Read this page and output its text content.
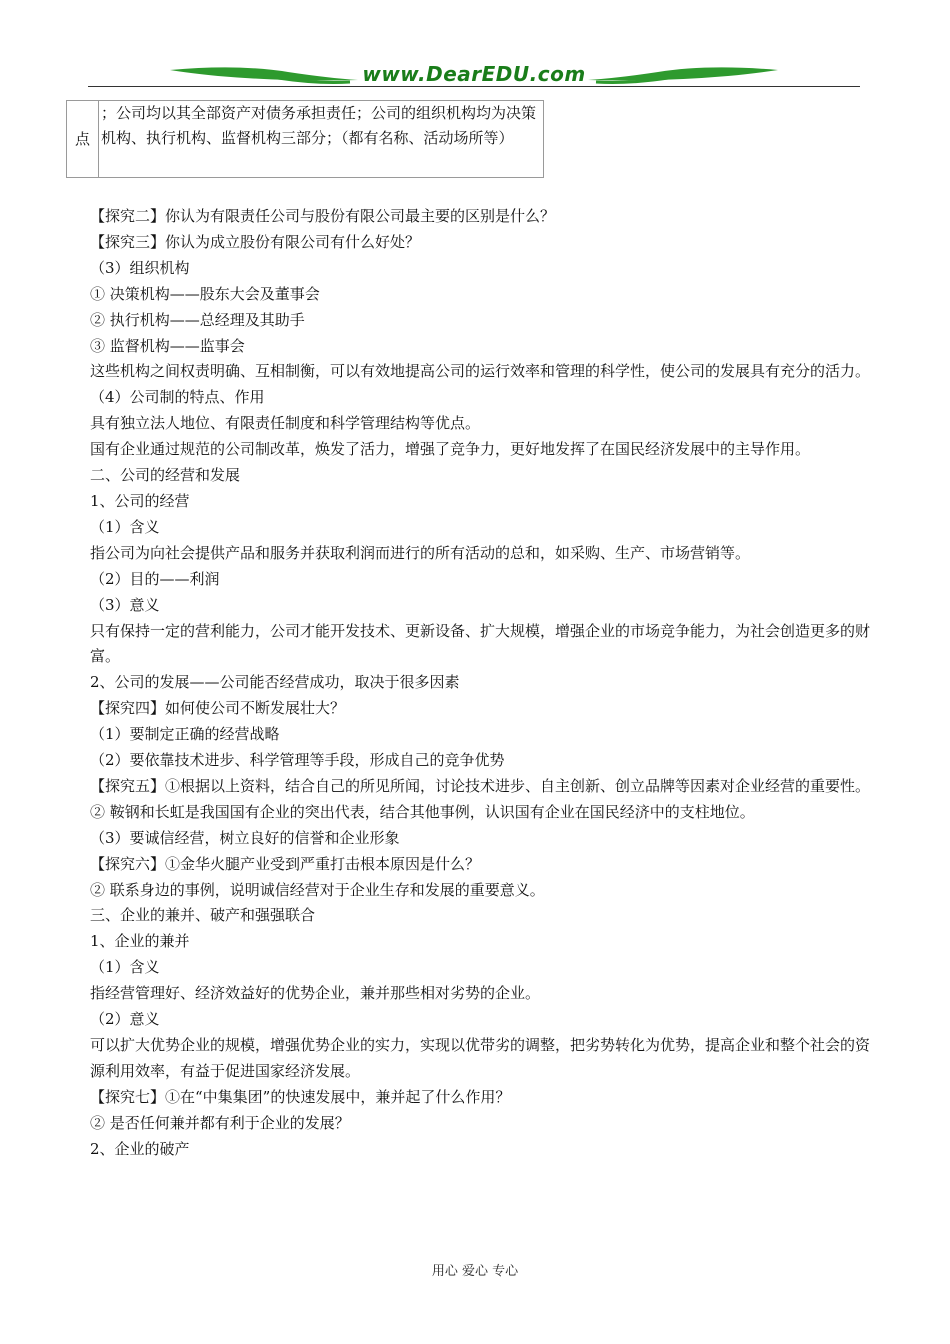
www.DearEDU.com
点	；公司均以其全部资产对债务承担责任；公司的组织机构均为决策机构、执行机构、监督机构三部分；（都有名称、活动场所等）

【探究二】你认为有限责任公司与股份有限公司最主要的区别是什么？

【探究三】你认为成立股份有限公司有什么好处？

（3）组织机构

① 决策机构——股东大会及董事会

② 执行机构——总经理及其助手

③ 监督机构——监事会

这些机构之间权责明确、互相制衡，可以有效地提高公司的运行效率和管理的科学性，使公司的发展具有充分的活力。

（4）公司制的特点、作用

具有独立法人地位、有限责任制度和科学管理结构等优点。

国有企业通过规范的公司制改革，焕发了活力，增强了竞争力，更好地发挥了在国民经济发展中的主导作用。

二、公司的经营和发展

1、公司的经营

（1）含义

指公司为向社会提供产品和服务并获取利润而进行的所有活动的总和，如采购、生产、市场营销等。

（2）目的——利润

（3）意义

只有保持一定的营利能力，公司才能开发技术、更新设备、扩大规模，增强企业的市场竞争能力，为社会创造更多的财富。

2、公司的发展——公司能否经营成功，取决于很多因素

【探究四】如何使公司不断发展壮大？

（1）要制定正确的经营战略

（2）要依靠技术进步、科学管理等手段，形成自己的竞争优势

【探究五】①根据以上资料，结合自己的所见所闻，讨论技术进步、自主创新、创立品牌等因素对企业经营的重要性。

② 鞍钢和长虹是我国国有企业的突出代表，结合其他事例，认识国有企业在国民经济中的支柱地位。

（3）要诚信经营，树立良好的信誉和企业形象

【探究六】①金华火腿产业受到严重打击根本原因是什么？

② 联系身边的事例，说明诚信经营对于企业生存和发展的重要意义。

三、企业的兼并、破产和强强联合

1、企业的兼并

（1）含义

指经营管理好、经济效益好的优势企业，兼并那些相对劣势的企业。

（2）意义

可以扩大优势企业的规模，增强优势企业的实力，实现以优带劣的调整，把劣势转化为优势，提高企业和整个社会的资源利用效率，有益于促进国家经济发展。

【探究七】①在“中集集团”的快速发展中，兼并起了什么作用？

② 是否任何兼并都有利于企业的发展？

2、企业的破产

用心 爱心 专心
